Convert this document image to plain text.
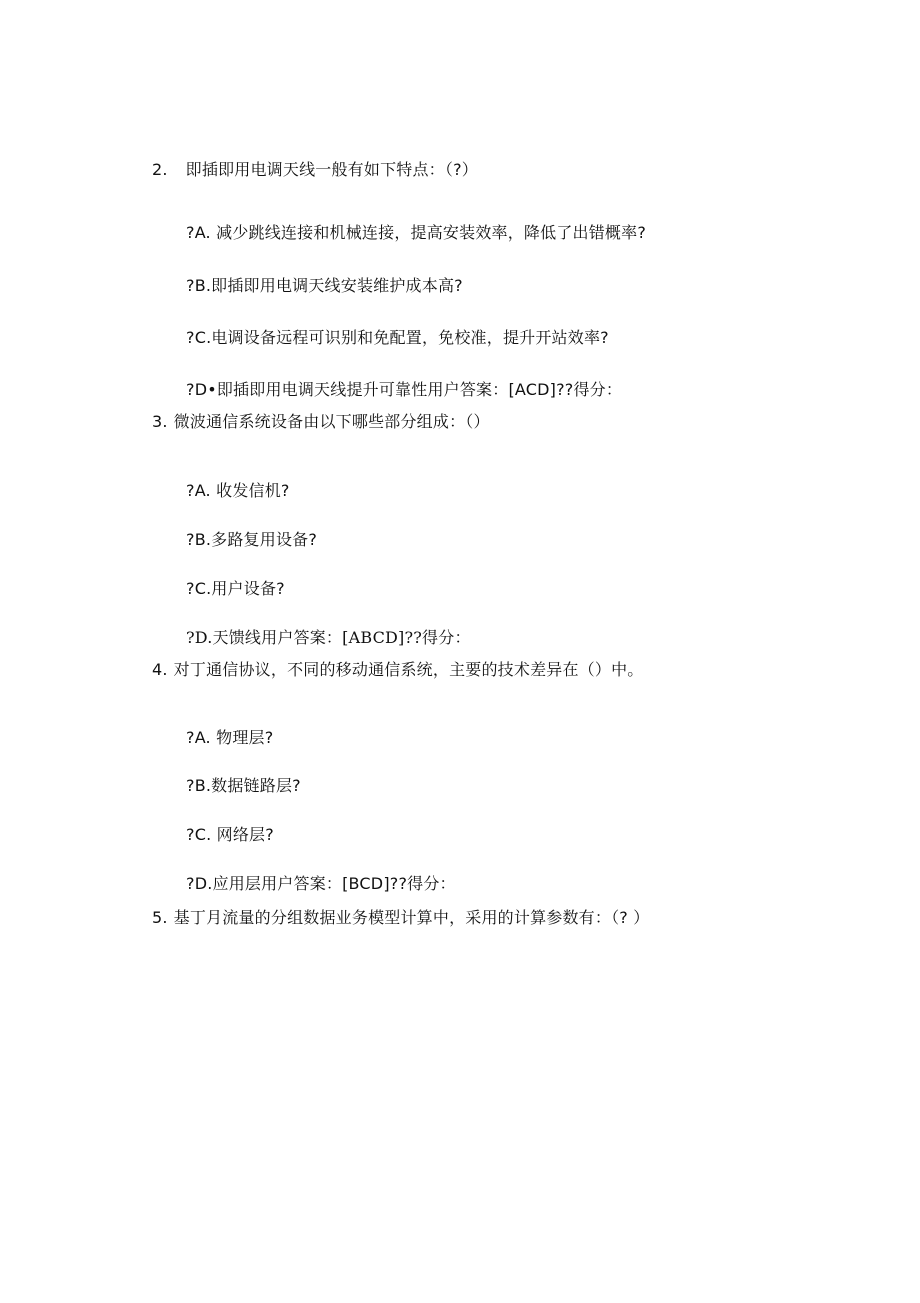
2. 即插即用电调天线一般有如下特点：（?）
?A. 减少跳线连接和机械连接，提高安装效率，降低了出错概率?
?B.即插即用电调天线安装维护成本高?
?C.电调设备远程可识别和免配置，免校准，提升开站效率?
?D•即插即用电调天线提升可靠性用户答案：[ACD]??得分：
3. 微波通信系统设备由以下哪些部分组成：（）
?A. 收发信机?
?B.多路复用设备?
?C.用户设备?
?D.天馈线用户答案：[ABCD]??得分：
4. 对丁通信协议，不同的移动通信系统，主要的技术差异在（）中。
?A. 物理层?
?B.数据链路层?
?C. 网络层?
?D.应用层用户答案：[BCD]??得分：
5. 基丁月流量的分组数据业务模型计算中，采用的计算参数有：（? ）
